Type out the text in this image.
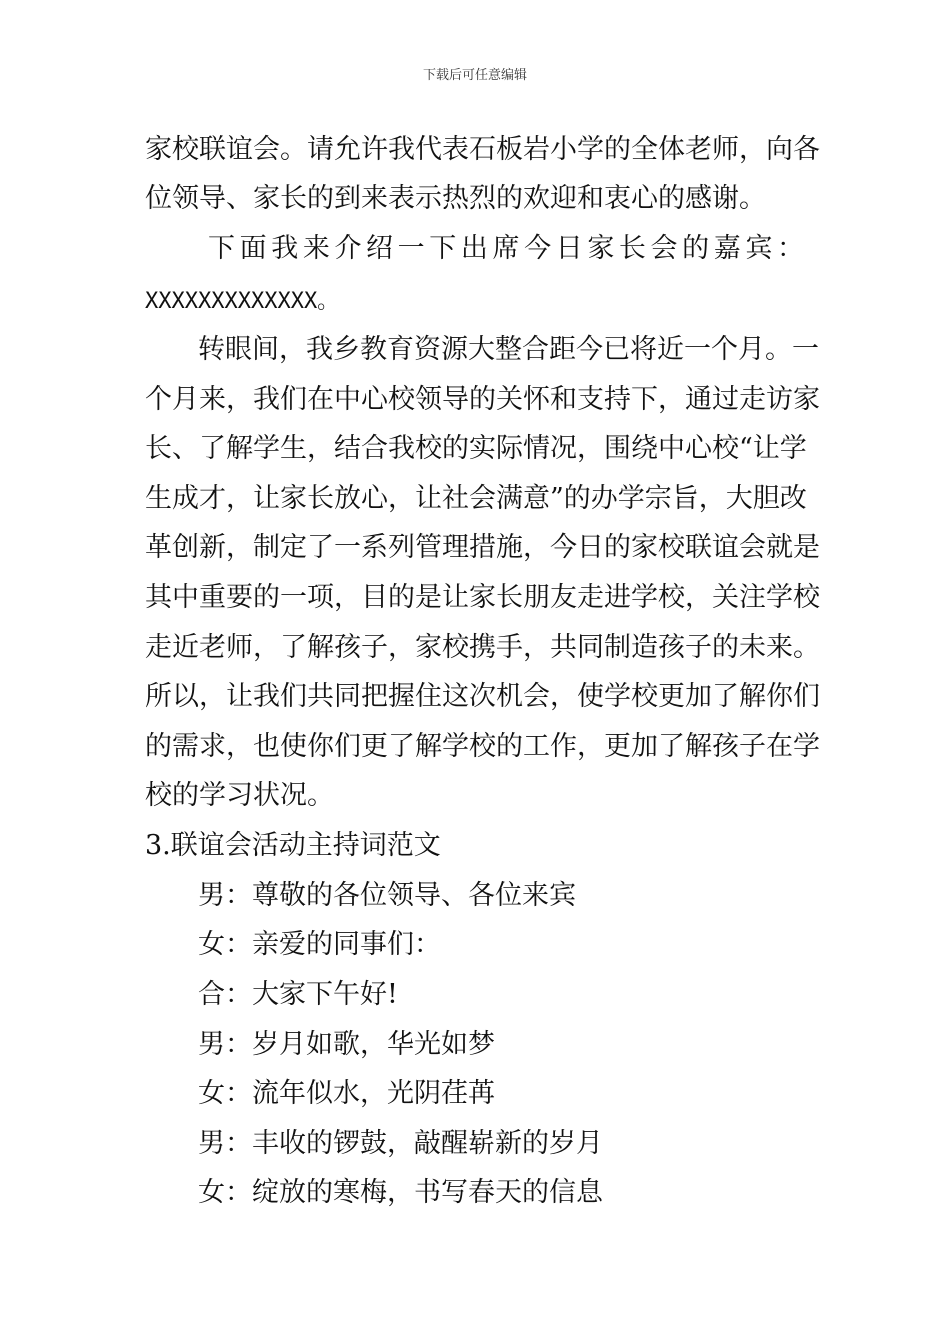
下载后可任意编辑
家校联谊会。请允许我代表石板岩小学的全体老师，向各
位领导、家长的到来表示热烈的欢迎和衷心的感谢。
下 面 我 来 介 绍 一 下 出 席 今 日 家 长 会 的 嘉 宾 ：
XXXXXXXXXXXXX。
转眼间，我乡教育资源大整合距今已将近一个月。一
个月来，我们在中心校领导的关怀和支持下，通过走访家
长、了解学生，结合我校的实际情况，围绕中心校“让学
生成才，让家长放心，让社会满意”的办学宗旨，大胆改
革创新，制定了一系列管理措施，今日的家校联谊会就是
其中重要的一项，目的是让家长朋友走进学校，关注学校
走近老师，了解孩子，家校携手，共同制造孩子的未来。
所以，让我们共同把握住这次机会，使学校更加了解你们
的需求，也使你们更了解学校的工作，更加了解孩子在学
校的学习状况。
3.联谊会活动主持词范文
男：尊敬的各位领导、各位来宾
女：亲爱的同事们：
合：大家下午好!
男：岁月如歌，华光如梦
女：流年似水，光阴荏苒
男：丰收的锣鼓，敲醒崭新的岁月
女：绽放的寒梅，书写春天的信息
